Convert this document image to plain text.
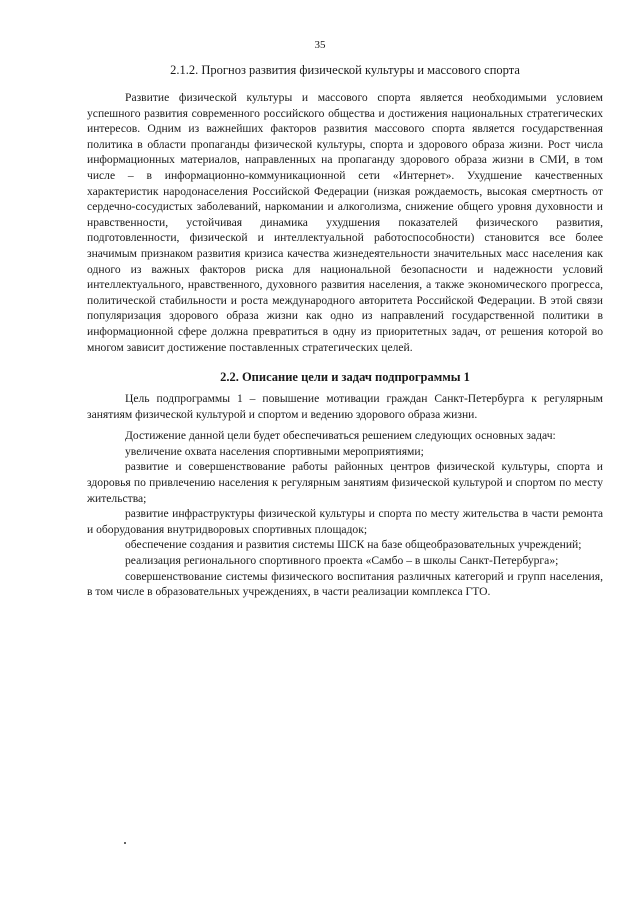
35
2.1.2. Прогноз развития физической культуры и массового спорта

Развитие физической культуры и массового спорта является необходимыми условием успешного развития современного российского общества и достижения национальных стратегических интересов. Одним из важнейших факторов развития массового спорта является государственная политика в области пропаганды физической культуры, спорта и здорового образа жизни. Рост числа информационных материалов, направленных на пропаганду здорового образа жизни в СМИ, в том числе – в информационно-коммуникационной сети «Интернет». Ухудшение качественных характеристик народонаселения Российской Федерации (низкая рождаемость, высокая смертность от сердечно-сосудистых заболеваний, наркомании и алкоголизма, снижение общего уровня духовности и нравственности, устойчивая динамика ухудшения показателей физического развития, подготовленности, физической и интеллектуальной работоспособности) становится все более значимым признаком развития кризиса качества жизнедеятельности значительных масс населения как одного из важных факторов риска для национальной безопасности и надежности условий интеллектуального, нравственного, духовного развития населения, а также экономического прогресса, политической стабильности и роста международного авторитета Российской Федерации. В этой связи популяризация здорового образа жизни как одно из направлений государственной политики в информационной сфере должна превратиться в одну из приоритетных задач, от решения которой во многом зависит достижение поставленных стратегических целей.

2.2. Описание цели и задач подпрограммы 1

Цель подпрограммы 1 – повышение мотивации граждан Санкт-Петербурга к регулярным занятиям физической культурой и спортом и ведению здорового образа жизни.

Достижение данной цели будет обеспечиваться решением следующих основных задач:

увеличение охвата населения спортивными мероприятиями;

развитие и совершенствование работы районных центров физической культуры, спорта и здоровья по привлечению населения к регулярным занятиям физической культурой и спортом по месту жительства;

развитие инфраструктуры физической культуры и спорта по месту жительства в части ремонта и оборудования внутридворовых спортивных площадок;

обеспечение создания и развития системы ШСК на базе общеобразовательных учреждений;

реализация регионального спортивного проекта «Самбо – в школы Санкт-Петербурга»;

совершенствование системы физического воспитания различных категорий и групп населения, в том числе в образовательных учреждениях, в части реализации комплекса ГТО.
